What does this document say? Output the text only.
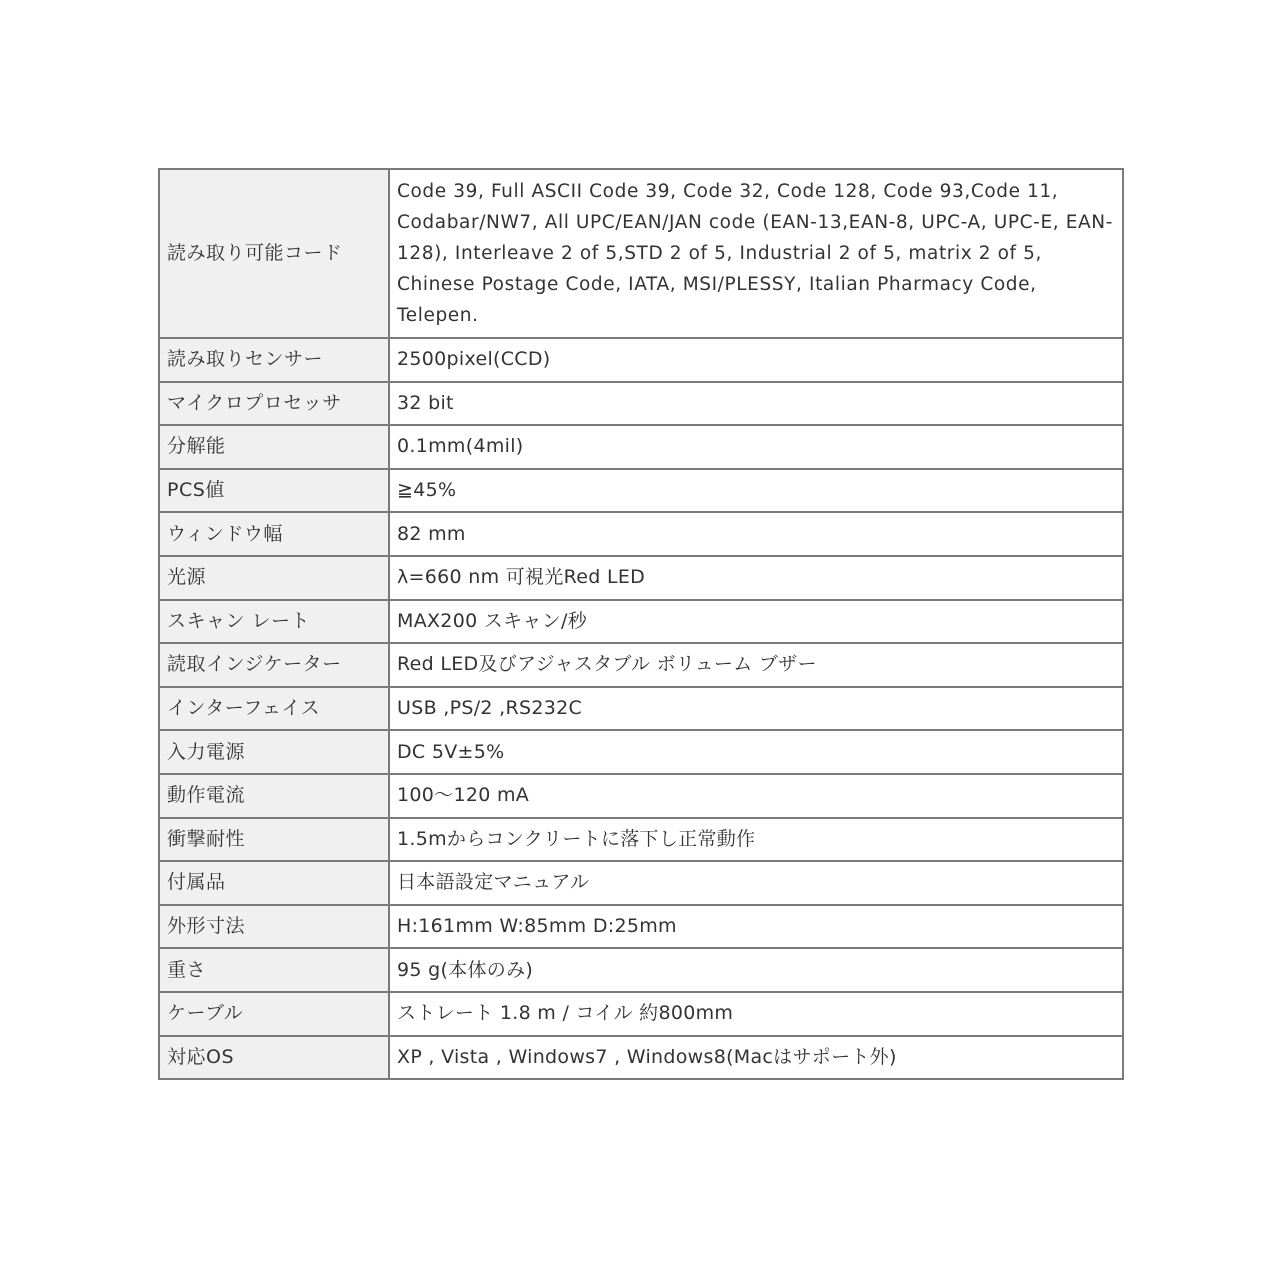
読み取り可能コード	Code 39, Full ASCII Code 39, Code 32, Code 128, Code 93,Code 11, Codabar/NW7, All UPC/EAN/JAN code (EAN-13,EAN-8, UPC-A, UPC-E, EAN-128), Interleave 2 of 5,STD 2 of 5, Industrial 2 of 5, matrix 2 of 5, Chinese Postage Code, IATA, MSI/PLESSY, Italian Pharmacy Code, Telepen.
読み取りセンサー	2500pixel(CCD)
マイクロプロセッサ	32 bit
分解能	0.1mm(4mil)
PCS値	≧45%
ウィンドウ幅	82 mm
光源	λ=660 nm 可視光Red LED
スキャン レート	MAX200 スキャン/秒
読取インジケーター	Red LED及びアジャスタブル ボリューム ブザー
インターフェイス	USB ,PS/2 ,RS232C
入力電源	DC 5V±5%
動作電流	100～120 mA
衝撃耐性	1.5mからコンクリートに落下し正常動作
付属品	日本語設定マニュアル
外形寸法	H:161mm W:85mm D:25mm
重さ	95 g(本体のみ)
ケーブル	ストレート 1.8 m / コイル 約800mm
対応OS	XP , Vista , Windows7 , Windows8(Macはサポート外)
